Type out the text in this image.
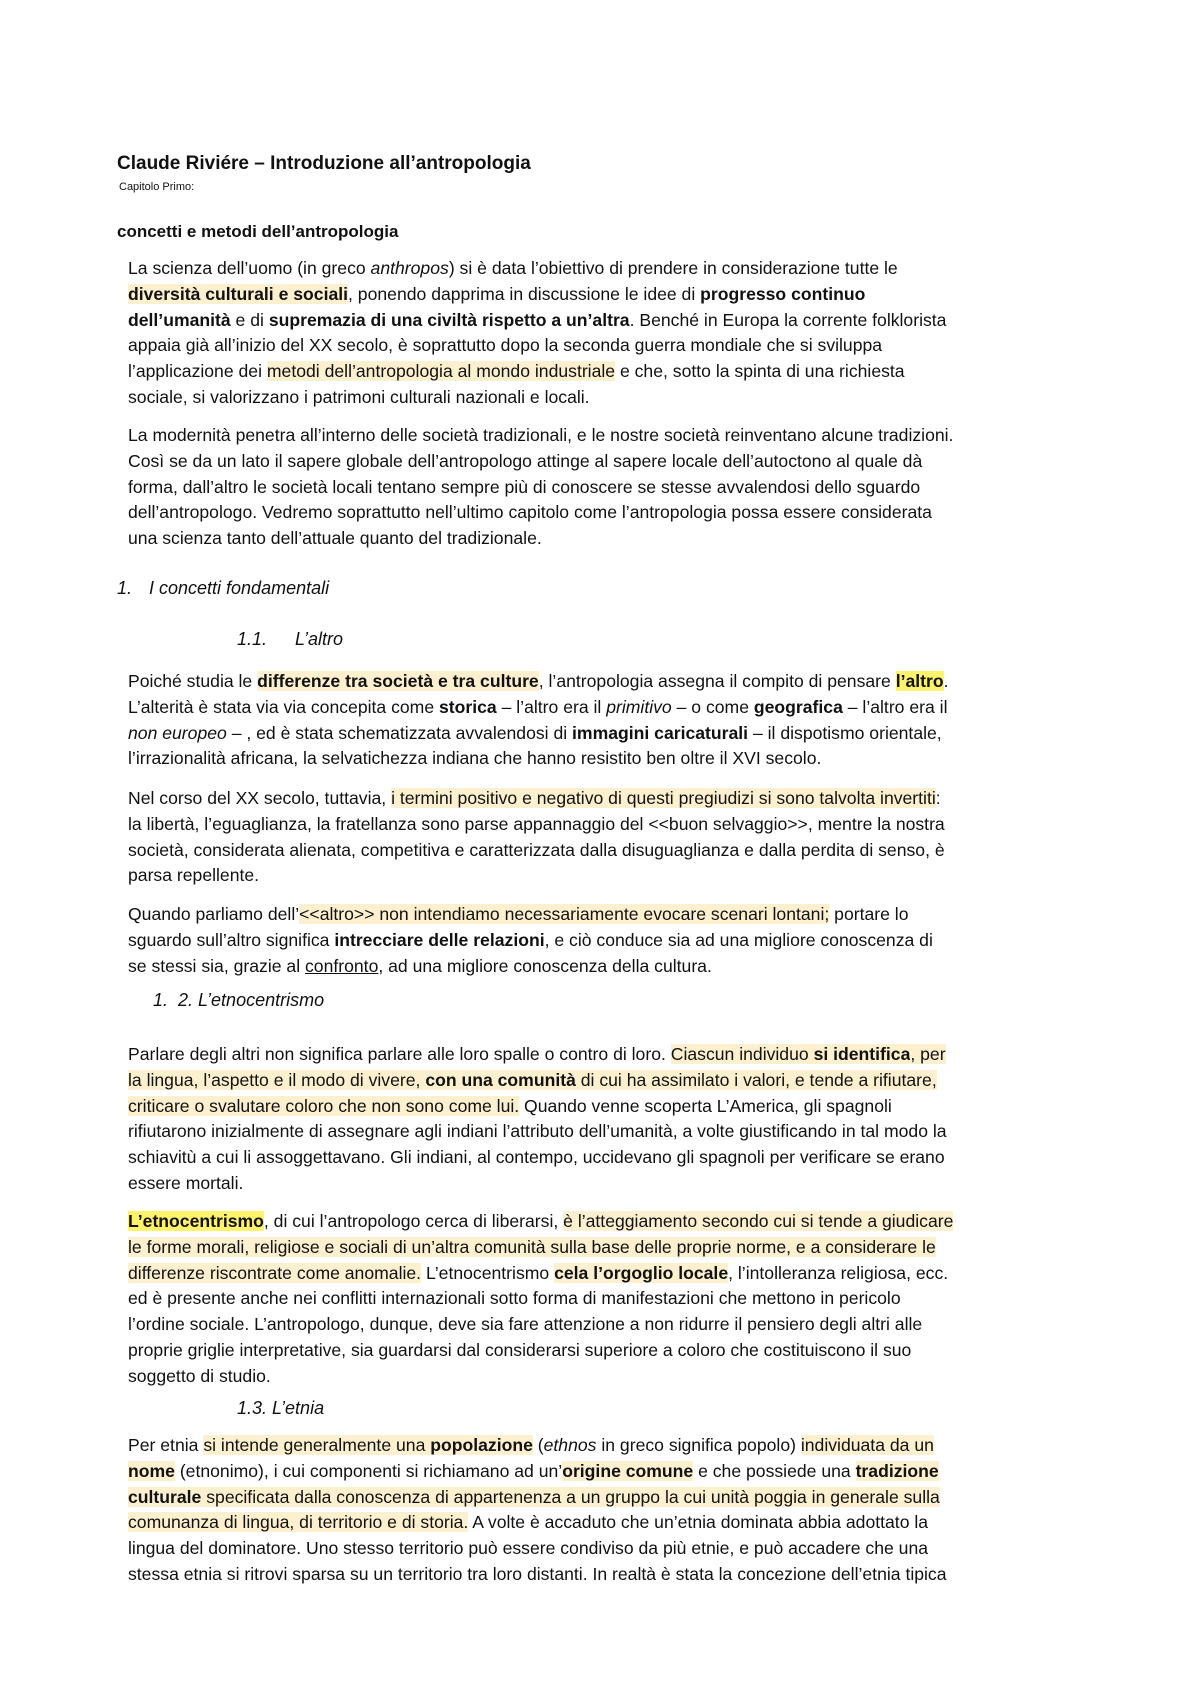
Claude Riviére – Introduzione all’antropologia

Capitolo Primo:

concetti e metodi dell’antropologia
La scienza dell’uomo (in greco anthropos) si è data l’obiettivo di prendere in considerazione tutte le
diversità culturali e sociali, ponendo dapprima in discussione le idee di progresso continuo
dell’umanità e di supremazia di una civiltà rispetto a un’altra. Benché in Europa la corrente folklorista
appaia già all’inizio del XX secolo, è soprattutto dopo la seconda guerra mondiale che si sviluppa
l’applicazione dei metodi dell’antropologia al mondo industriale e che, sotto la spinta di una richiesta
sociale, si valorizzano i patrimoni culturali nazionali e locali.
La modernità penetra all’interno delle società tradizionali, e le nostre società reinventano alcune tradizioni.
Così se da un lato il sapere globale dell’antropologo attinge al sapere locale dell’autoctono al quale dà
forma, dall’altro le società locali tentano sempre più di conoscere se stesse avvalendosi dello sguardo
dell’antropologo. Vedremo soprattutto nell’ultimo capitolo come l’antropologia possa essere considerata
una scienza tanto dell’attuale quanto del tradizionale.
1. I concetti fondamentali
1.1. L’altro
Poiché studia le differenze tra società e tra culture, l’antropologia assegna il compito di pensare l’altro.
L’alterità è stata via via concepita come storica – l’altro era il primitivo – o come geografica – l’altro era il
non europeo – , ed è stata schematizzata avvalendosi di immagini caricaturali – il dispotismo orientale,
l’irrazionalità africana, la selvatichezza indiana che hanno resistito ben oltre il XVI secolo.
Nel corso del XX secolo, tuttavia, i termini positivo e negativo di questi pregiudizi si sono talvolta invertiti:
la libertà, l’eguaglianza, la fratellanza sono parse appannaggio del <<buon selvaggio>>, mentre la nostra
società, considerata alienata, competitiva e caratterizzata dalla disuguaglianza e dalla perdita di senso, è
parsa repellente.
Quando parliamo dell’<<altro>> non intendiamo necessariamente evocare scenari lontani; portare lo
sguardo sull’altro significa intrecciare delle relazioni, e ciò conduce sia ad una migliore conoscenza di
se stessi sia, grazie al confronto, ad una migliore conoscenza della cultura.
1.  2. L’etnocentrismo
Parlare degli altri non significa parlare alle loro spalle o contro di loro. Ciascun individuo si identifica, per
la lingua, l’aspetto e il modo di vivere, con una comunità di cui ha assimilato i valori, e tende a rifiutare,
criticare o svalutare coloro che non sono come lui. Quando venne scoperta L’America, gli spagnoli
rifiutarono inizialmente di assegnare agli indiani l’attributo dell’umanità, a volte giustificando in tal modo la
schiavitù a cui li assoggettavano. Gli indiani, al contempo, uccidevano gli spagnoli per verificare se erano
essere mortali.
L’etnocentrismo, di cui l’antropologo cerca di liberarsi, è l’atteggiamento secondo cui si tende a giudicare
le forme morali, religiose e sociali di un’altra comunità sulla base delle proprie norme, e a considerare le
differenze riscontrate come anomalie. L’etnocentrismo cela l’orgoglio locale, l’intolleranza religiosa, ecc.
ed è presente anche nei conflitti internazionali sotto forma di manifestazioni che mettono in pericolo
l’ordine sociale. L’antropologo, dunque, deve sia fare attenzione a non ridurre il pensiero degli altri alle
proprie griglie interpretative, sia guardarsi dal considerarsi superiore a coloro che costituiscono il suo
soggetto di studio.
1.3. L’etnia
Per etnia si intende generalmente una popolazione (ethnos in greco significa popolo) individuata da un
nome (etnonimo), i cui componenti si richiamano ad un’origine comune e che possiede una tradizione
culturale specificata dalla conoscenza di appartenenza a un gruppo la cui unità poggia in generale sulla
comunanza di lingua, di territorio e di storia. A volte è accaduto che un’etnia dominata abbia adottato la
lingua del dominatore. Uno stesso territorio può essere condiviso da più etnie, e può accadere che una
stessa etnia si ritrovi sparsa su un territorio tra loro distanti. In realtà è stata la concezione dell’etnia tipica
